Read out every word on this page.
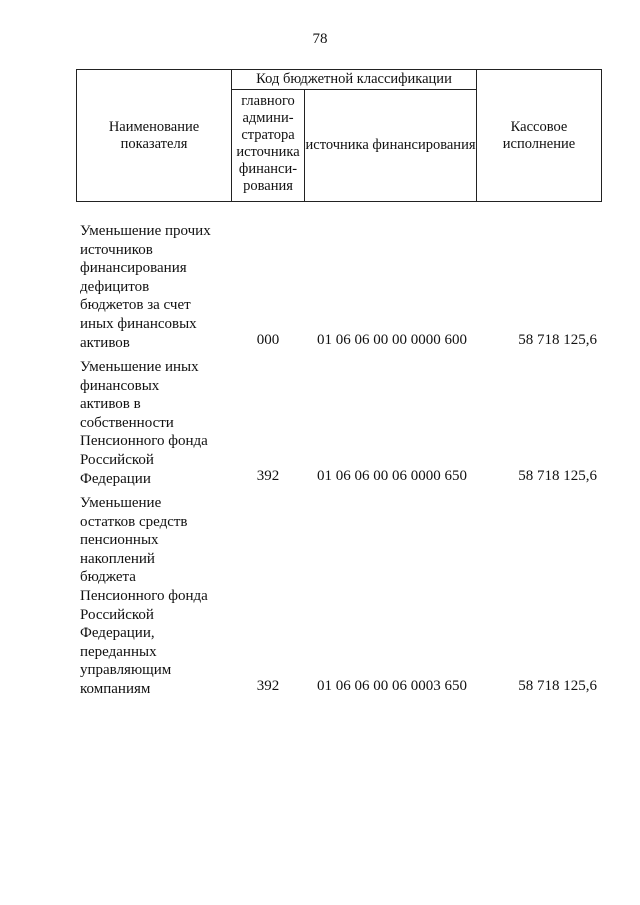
78
Наименование показателя	Код бюджетной классификации		Кассовое исполнение
	главного админи-стратора источника финанси-рования	источника финансирования	
Уменьшение прочих
источников
финансирования
дефицитов
бюджетов за счет
иных финансовых
активов	000	01 06 06 00 00 0000 600	58 718 125,6
Уменьшение иных
финансовых
активов в
собственности
Пенсионного фонда
Российской
Федерации	392	01 06 06 00 06 0000 650	58 718 125,6
Уменьшение
остатков средств
пенсионных
накоплений
бюджета
Пенсионного фонда
Российской
Федерации,
переданных
управляющим
компаниям	392	01 06 06 00 06 0003 650	58 718 125,6
